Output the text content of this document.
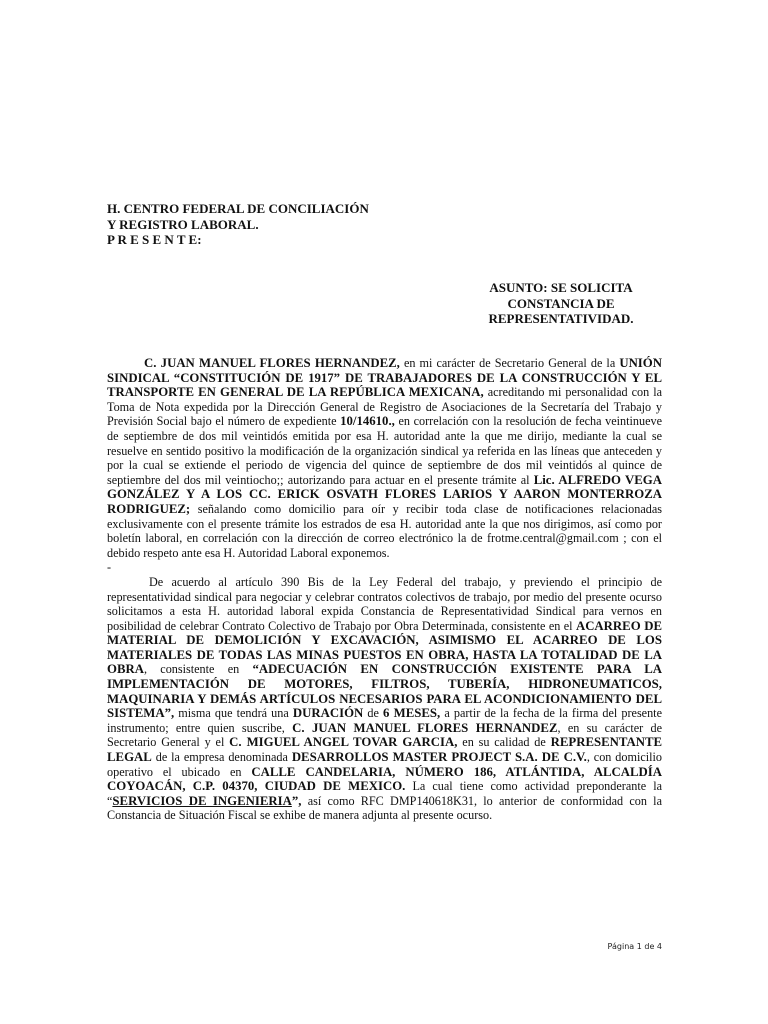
H. CENTRO FEDERAL DE CONCILIACIÓN
Y REGISTRO LABORAL.
P R E S E N T E:
ASUNTO: SE SOLICITA
CONSTANCIA DE
REPRESENTATIVIDAD.

C. JUAN MANUEL FLORES HERNANDEZ, en mi carácter de Secretario General de la UNIÓN SINDICAL “CONSTITUCIÓN DE 1917” DE TRABAJADORES DE LA CONSTRUCCIÓN Y EL TRANSPORTE EN GENERAL DE LA REPÚBLICA MEXICANA, acreditando mi personalidad con la Toma de Nota expedida por la Dirección General de Registro de Asociaciones de la Secretaría del Trabajo y Previsión Social bajo el número de expediente 10/14610., en correlación con la resolución de fecha veintinueve de septiembre de dos mil veintidós emitida por esa H. autoridad ante la que me dirijo, mediante la cual se resuelve en sentido positivo la modificación de la organización sindical ya referida en las líneas que anteceden y por la cual se extiende el periodo de vigencia del quince de septiembre de dos mil veintidós al quince de septiembre del dos mil veintiocho;; autorizando para actuar en el presente trámite al Lic. ALFREDO VEGA GONZÁLEZ Y A LOS CC. ERICK OSVATH FLORES LARIOS Y AARON MONTERROZA RODRIGUEZ; señalando como domicilio para oír y recibir toda clase de notificaciones relacionadas exclusivamente con el presente trámite los estrados de esa H. autoridad ante la que nos dirigimos, así como por boletín laboral, en correlación con la dirección de correo electrónico la de frotme.central@gmail.com ; con el debido respeto ante esa H. Autoridad Laboral exponemos.

-

De acuerdo al artículo 390 Bis de la Ley Federal del trabajo, y previendo el principio de representatividad sindical para negociar y celebrar contratos colectivos de trabajo, por medio del presente ocurso solicitamos a esta H. autoridad laboral expida Constancia de Representatividad Sindical para vernos en posibilidad de celebrar Contrato Colectivo de Trabajo por Obra Determinada, consistente en el ACARREO DE MATERIAL DE DEMOLICIÓN Y EXCAVACIÓN, ASIMISMO EL ACARREO DE LOS MATERIALES DE TODAS LAS MINAS PUESTOS EN OBRA, HASTA LA TOTALIDAD DE LA OBRA, consistente en “ADECUACIÓN EN CONSTRUCCIÓN EXISTENTE PARA LA IMPLEMENTACIÓN DE MOTORES, FILTROS, TUBERÍA, HIDRONEUMATICOS, MAQUINARIA Y DEMÁS ARTÍCULOS NECESARIOS PARA EL ACONDICIONAMIENTO DEL SISTEMA”, misma que tendrá una DURACIÓN de 6 MESES, a partir de la fecha de la firma del presente instrumento; entre quien suscribe, C. JUAN MANUEL FLORES HERNANDEZ, en su carácter de Secretario General y el C. MIGUEL ANGEL TOVAR GARCIA, en su calidad de REPRESENTANTE LEGAL de la empresa denominada DESARROLLOS MASTER PROJECT S.A. DE C.V., con domicilio operativo el ubicado en CALLE CANDELARIA, NÚMERO 186, ATLÁNTIDA, ALCALDÍA COYOACÁN, C.P. 04370, CIUDAD DE MEXICO. La cual tiene como actividad preponderante la “SERVICIOS DE INGENIERIA”, así como RFC DMP140618K31, lo anterior de conformidad con la Constancia de Situación Fiscal se exhibe de manera adjunta al presente ocurso.

Página 1 de 4
